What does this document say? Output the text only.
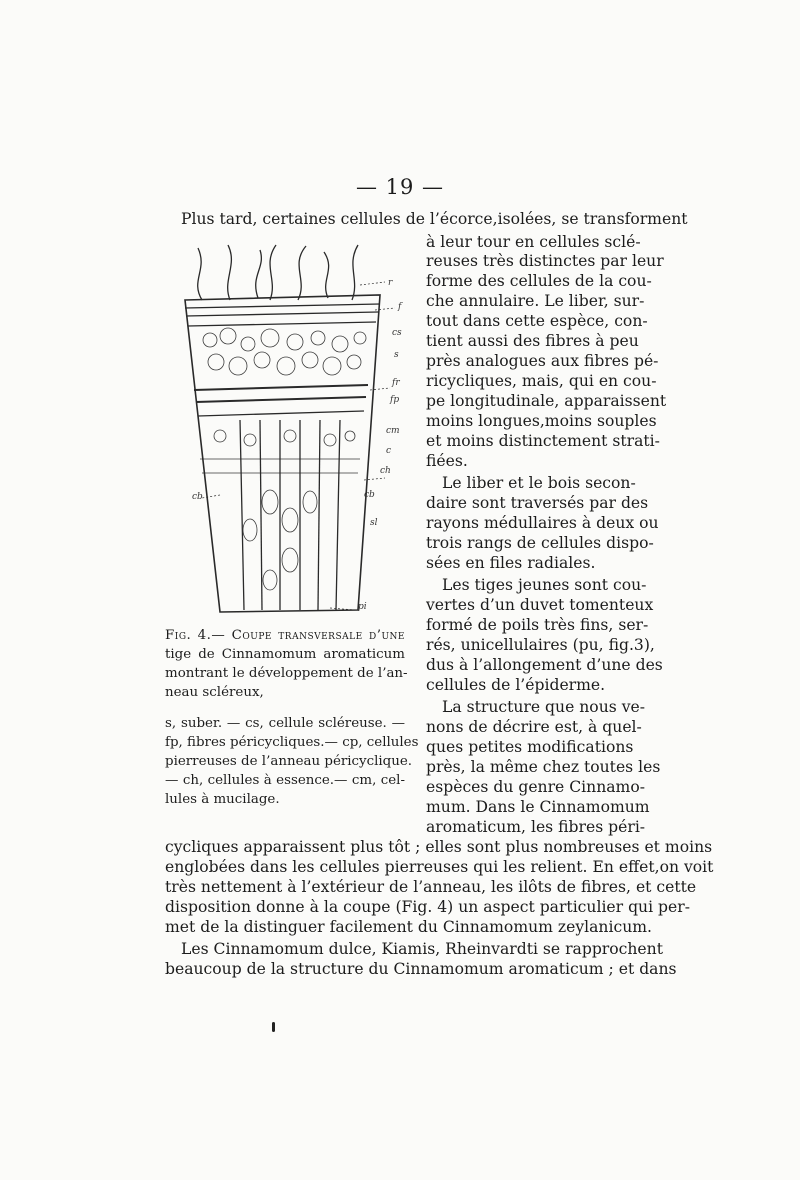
— 19 —
Plus tard, certaines cellules de l’écorce,isolées, se transforment
à leur tour en cellules sclé-
reuses très distinctes par leur
forme des cellules de la cou-
che annulaire. Le liber, sur-
tout dans cette espèce, con-
tient aussi des fibres à peu
près analogues aux fibres pé-
ricycliques, mais, qui en cou-
pe longitudinale, apparaissent
moins longues,moins souples
et moins distinctement strati-
fiées.
Le liber et le bois secon-
daire sont traversés par des
rayons médullaires à deux ou
trois rangs de cellules dispo-
sées en files radiales.
Les tiges jeunes sont cou-
vertes d’un duvet tomenteux
formé de poils très fins, ser-
rés, unicellulaires (pu, fig.3),
dus à l’allongement d’une des
cellules de l’épiderme.
La structure que nous ve-
nons de décrire est, à quel-
ques petites modifications
près, la même chez toutes les
espèces du genre Cinnamo-
mum. Dans le Cinnamomum
aromaticum, les fibres péri-
r
f
cs
s
fr
fp
cm
c
ch
sl
cb
pi
cb
Fig. 4.— Coupe transversale d’une
tige de Cinnamomum aromaticum
montrant le développement de l’an-
neau scléreux,
s, suber. — cs, cellule scléreuse. —
fp, fibres péricycliques.— cp, cellules
pierreuses de l’anneau péricyclique.
— ch, cellules à essence.— cm, cel-
lules à mucilage.
cycliques apparaissent plus tôt ; elles sont plus nombreuses et moins
englobées dans les cellules pierreuses qui les relient. En effet,on voit
très nettement à l’extérieur de l’anneau, les ilôts de fibres, et cette
disposition donne à la coupe (Fig. 4) un aspect particulier qui per-
met de la distinguer facilement du Cinnamomum zeylanicum.
Les Cinnamomum dulce, Kiamis, Rheinvardti se rapprochent
beaucoup de la structure du Cinnamomum aromaticum ; et dans
